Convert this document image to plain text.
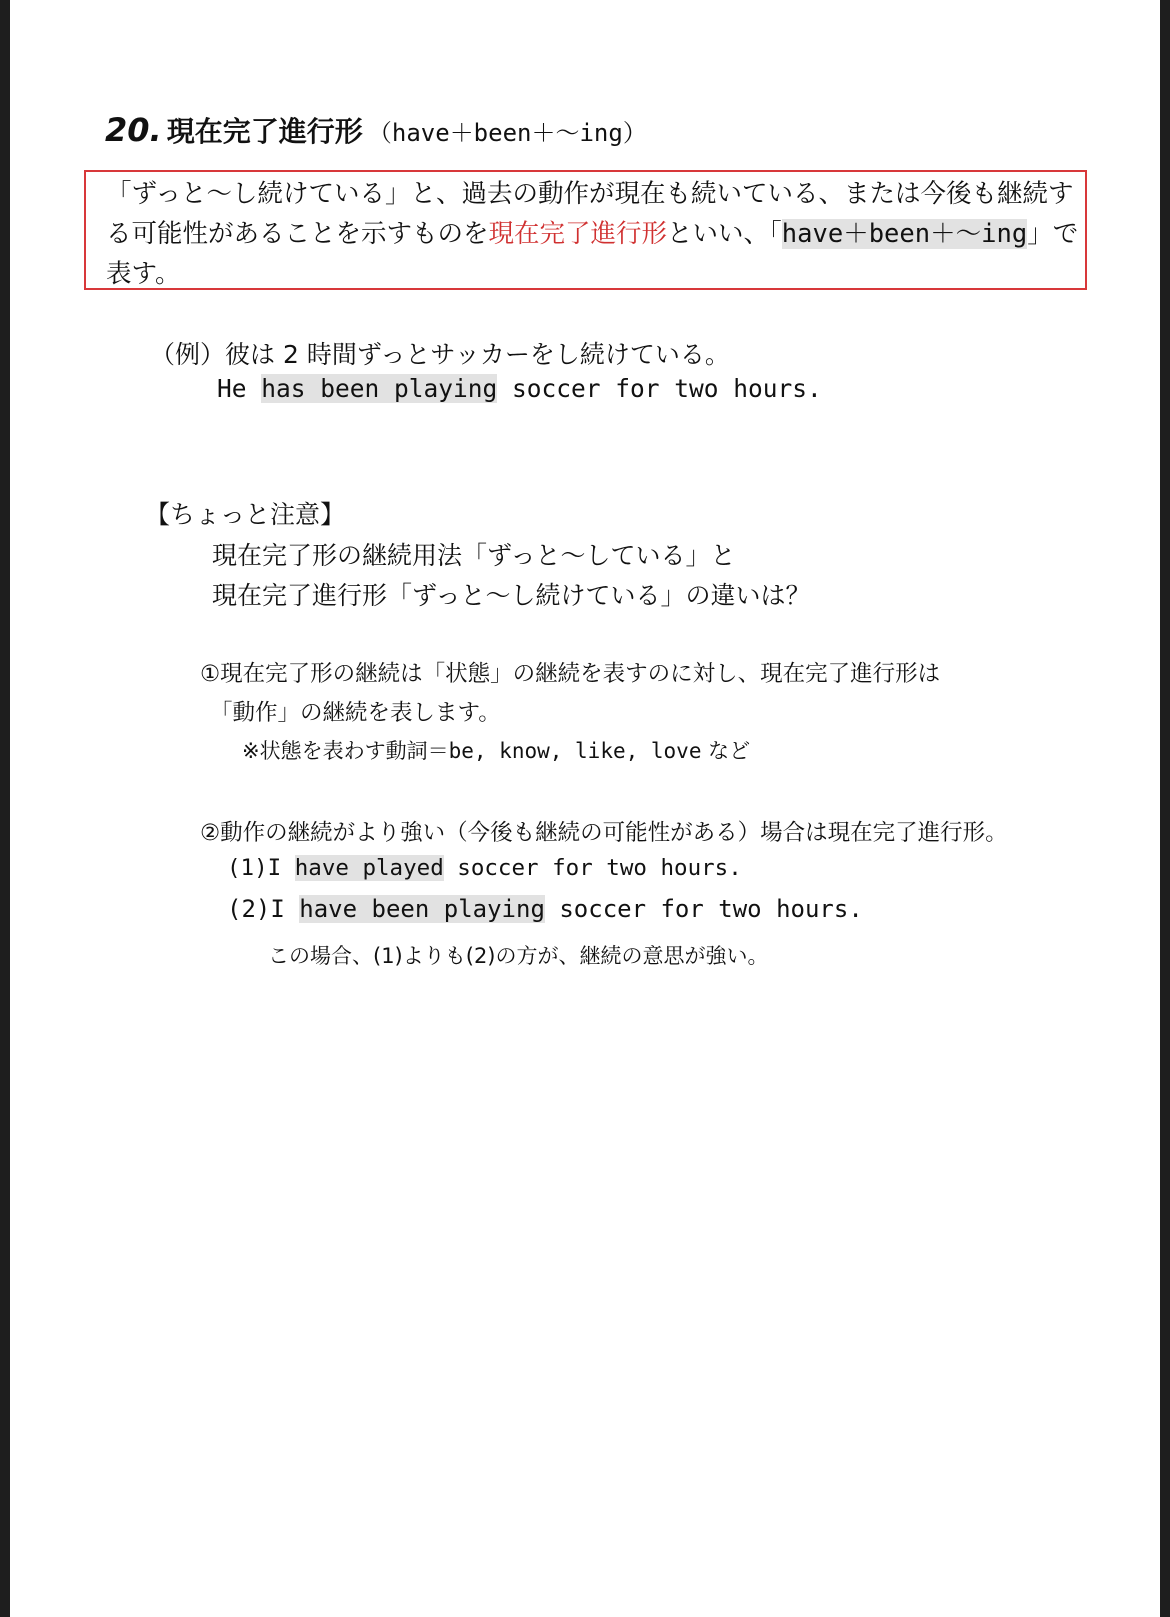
20. 現在完了進行形 （have＋been＋～ing）
「ずっと～し続けている」と、過去の動作が現在も続いている、または今後も継続する可能性があることを示すものを現在完了進行形といい、「have＋been＋～ing」で表す。
（例）彼は 2 時間ずっとサッカーをし続けている。
He has been playing soccer for two hours.
【ちょっと注意】
現在完了形の継続用法「ずっと～している」と
現在完了進行形「ずっと～し続けている」の違いは？
①現在完了形の継続は「状態」の継続を表すのに対し、現在完了進行形は
「動作」の継続を表します。
※状態を表わす動詞＝be, know, like, love など
②動作の継続がより強い（今後も継続の可能性がある）場合は現在完了進行形。
(1)I have played soccer for two hours.
(2)I have been playing soccer for two hours.
この場合、(1)よりも(2)の方が、継続の意思が強い。
